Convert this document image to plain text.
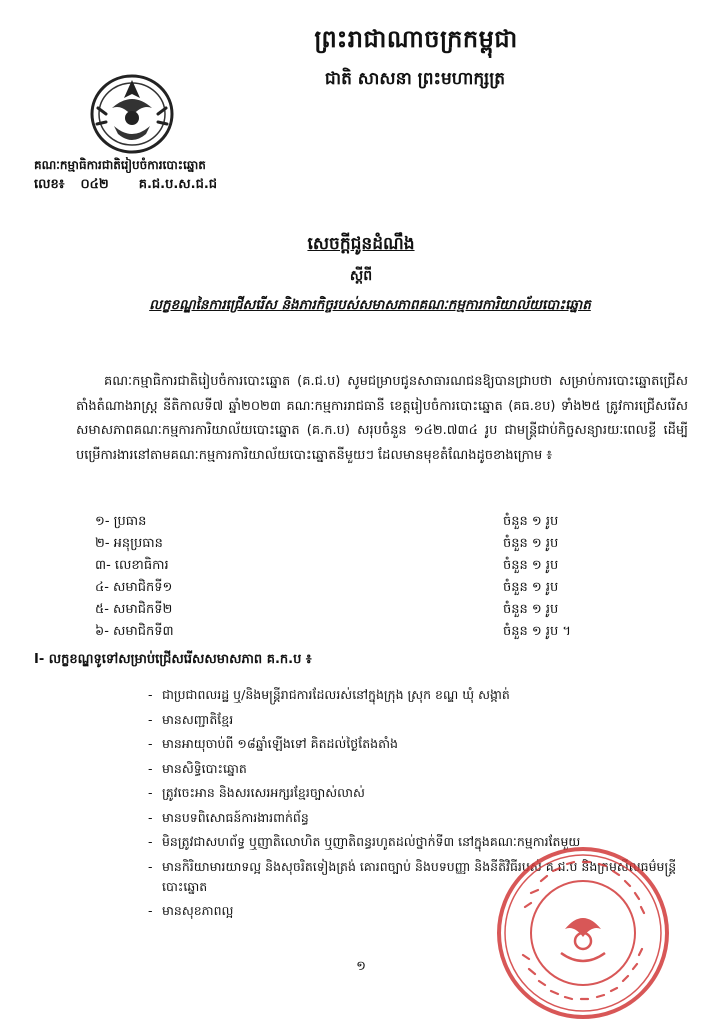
ព្រះរាជាណាចក្រកម្ពុជា
ជាតិ សាសនា ព្រះមហាក្សត្រ
គណៈកម្មាធិការជាតិរៀបចំការបោះឆ្នោត
លេខ៖ ០៤២ គ.ជ.ប.ស.ជ.ជ
សេចក្តីជូនដំណឹង
ស្តីពី
លក្ខខណ្ឌនៃការជ្រើសរើស និងភារកិច្ចរបស់សមាសភាពគណៈកម្មការការិយាល័យបោះឆ្នោត
គណៈកម្មាធិការជាតិរៀបចំការបោះឆ្នោត (គ.ជ.ប) សូមជម្រាបជូនសាធារណជនឱ្យបានជ្រាបថា សម្រាប់ការបោះឆ្នោតជ្រើសតាំងតំណាងរាស្ត្រ នីតិកាលទី៧ ឆ្នាំ២០២៣ គណៈកម្មការរាជធានី ខេត្តរៀបចំការបោះឆ្នោត (គធ.ខប) ទាំង២៥ ត្រូវការជ្រើសរើសសមាសភាពគណៈកម្មការការិយាល័យបោះឆ្នោត (គ.ក.ប) សរុបចំនួន ១៤២.៧៣៤ រូប ជាមន្ត្រីជាប់កិច្ចសន្យារយៈពេលខ្លី ដើម្បីបម្រើការងារនៅតាមគណៈកម្មការការិយាល័យបោះឆ្នោតនីមួយៗ ដែលមានមុខតំណែងដូចខាងក្រោម ៖
១- ប្រធាន	ចំនួន ១ រូប
២- អនុប្រធាន	ចំនួន ១ រូប
៣- លេខាធិការ	ចំនួន ១ រូប
៤- សមាជិកទី១	ចំនួន ១ រូប
៥- សមាជិកទី២	ចំនួន ១ រូប
៦- សមាជិកទី៣	ចំនួន ១ រូប ។
I- លក្ខខណ្ឌទូទៅសម្រាប់ជ្រើសរើសសមាសភាព គ.ក.ប ៖
- ជាប្រជាពលរដ្ឋ ឬ/និងមន្ត្រីរាជការដែលរស់នៅក្នុងក្រុង ស្រុក ខណ្ឌ ឃុំ សង្កាត់
- មានសញ្ជាតិខ្មែរ
- មានអាយុចាប់ពី ១៨ឆ្នាំឡើងទៅ គិតដល់ថ្ងៃតែងតាំង
- មានសិទ្ធិបោះឆ្នោត
- ត្រូវចេះអាន និងសរសេរអក្សរខ្មែរច្បាស់លាស់
- មានបទពិសោធន៍ការងារពាក់ព័ន្ធ
- មិនត្រូវជាសហព័ទ្ធ ឬញាតិលោហិត ឬញាតិពន្ធរហូតដល់ថ្នាក់ទី៣ នៅក្នុងគណៈកម្មការតែមួយ
- មានកិរិយាមារយាទល្អ និងសុចរិតទៀងត្រង់ គោរពច្បាប់ និងបទបញ្ញា និងនីតិវិធីរបស់ គ.ជ.ប និងក្រមសីលធម៌មន្ត្រីបោះឆ្នោត
- មានសុខភាពល្អ
១
